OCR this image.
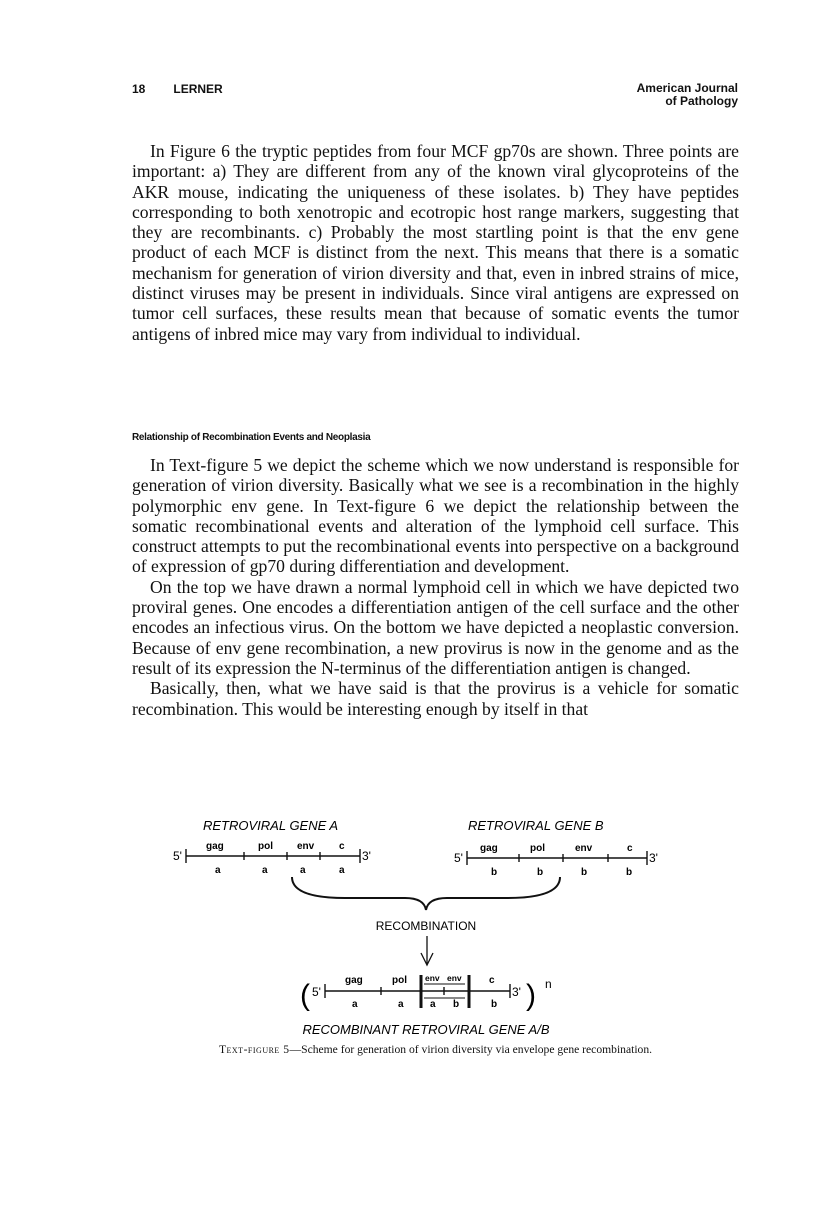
18 LERNER	American Journal
of Pathology

In Figure 6 the tryptic peptides from four MCF gp70s are shown. Three points are important: a) They are different from any of the known viral glycoproteins of the AKR mouse, indicating the uniqueness of these isolates. b) They have peptides corresponding to both xenotropic and ecotropic host range markers, suggesting that they are recombinants. c) Probably the most startling point is that the env gene product of each MCF is distinct from the next. This means that there is a somatic mechanism for generation of virion diversity and that, even in inbred strains of mice, distinct viruses may be present in individuals. Since viral antigens are expressed on tumor cell surfaces, these results mean that because of somatic events the tumor antigens of inbred mice may vary from individual to individual.

Relationship of Recombination Events and Neoplasia

In Text-figure 5 we depict the scheme which we now understand is responsible for generation of virion diversity. Basically what we see is a recombination in the highly polymorphic env gene. In Text-figure 6 we depict the relationship between the somatic recombinational events and alteration of the lymphoid cell surface. This construct attempts to put the recombinational events into perspective on a background of expression of gp70 during differentiation and development.

On the top we have drawn a normal lymphoid cell in which we have depicted two proviral genes. One encodes a differentiation antigen of the cell surface and the other encodes an infectious virus. On the bottom we have depicted a neoplastic conversion. Because of env gene recombination, a new provirus is now in the genome and as the result of its expression the N-terminus of the differentiation antigen is changed.

Basically, then, what we have said is that the provirus is a vehicle for somatic recombination. This would be interesting enough by itself in that

RETROVIRAL GENE A
5'	3'
gag	pol env c
a	a	a	a
RETROVIRAL GENE B
5'	3'
gag	pol	env	c
b	b	b	b
RECOMBINATION
( 5'	3' ) n
gag	pol env env	c
a	a	a b	b
RECOMBINANT RETROVIRAL GENE A/B
Text-figure 5—Scheme for generation of virion diversity via envelope gene recombination.
